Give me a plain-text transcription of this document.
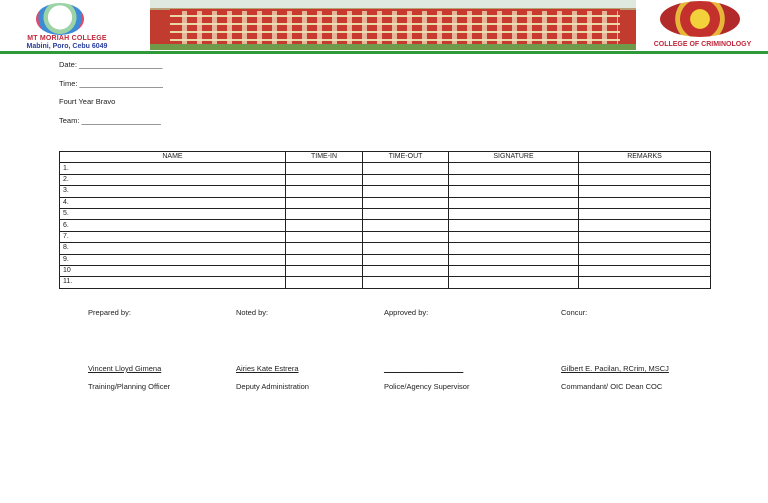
MT MORIAH COLLEGE
Mabini, Poro, Cebu 6049	COLLEGE OF CRIMINOLOGY
Date: ____________________
Time: ____________________
Fourt Year Bravo
Team: ___________________
NAME	TIME-IN	TIME-OUT	SIGNATURE	REMARKS
1.				
2.				
3.				
4.				
5.				
6.				
7.				
8.				
9.				
10				
11.				
Prepared by:
Vincent Lloyd Gimena
Training/Planning Officer
Noted by:
Airies Kate Estrera
Deputy Administration
Approved by:
___________________
Police/Agency Supervisor
Concur:
Gilbert E. Pacilan, RCrim, MSCJ
Commandant/ OIC Dean COC
